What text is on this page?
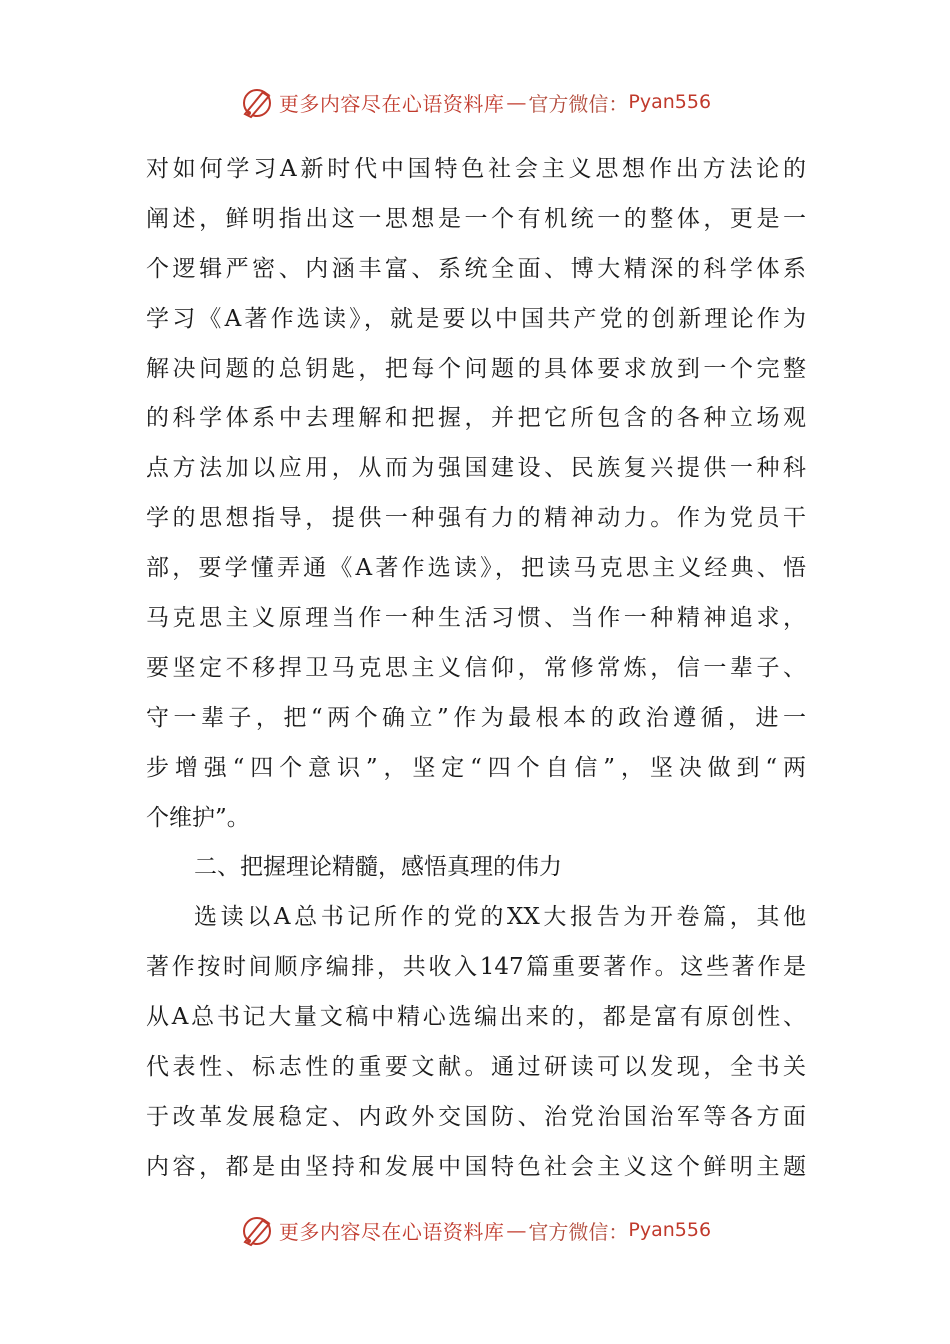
更多内容尽在心语资料库 — 官方微信： Pyan556
对如何学习A新时代中国特色社会主义思想作出方法论的
阐述，鲜明指出这一思想是一个有机统一的整体，更是一
个逻辑严密、内涵丰富、系统全面、博大精深的科学体系
学习《A著作选读》，就是要以中国共产党的创新理论作为
解决问题的总钥匙，把每个问题的具体要求放到一个完整
的科学体系中去理解和把握，并把它所包含的各种立场观
点方法加以应用，从而为强国建设、民族复兴提供一种科
学的思想指导，提供一种强有力的精神动力。作为党员干
部，要学懂弄通《A著作选读》，把读马克思主义经典、悟
马克思主义原理当作一种生活习惯、当作一种精神追求，
要坚定不移捍卫马克思主义信仰，常修常炼，信一辈子、
守一辈子，把“两个确立”作为最根本的政治遵循，进一
步增强“四个意识”，坚定“四个自信”，坚决做到“两
个维护”。
二、把握理论精髓，感悟真理的伟力
选读以A总书记所作的党的XX大报告为开卷篇，其他
著作按时间顺序编排，共收入147篇重要著作。这些著作是
从A总书记大量文稿中精心选编出来的，都是富有原创性、
代表性、标志性的重要文献。通过研读可以发现，全书关
于改革发展稳定、内政外交国防、治党治国治军等各方面
内容，都是由坚持和发展中国特色社会主义这个鲜明主题
更多内容尽在心语资料库 — 官方微信： Pyan556
